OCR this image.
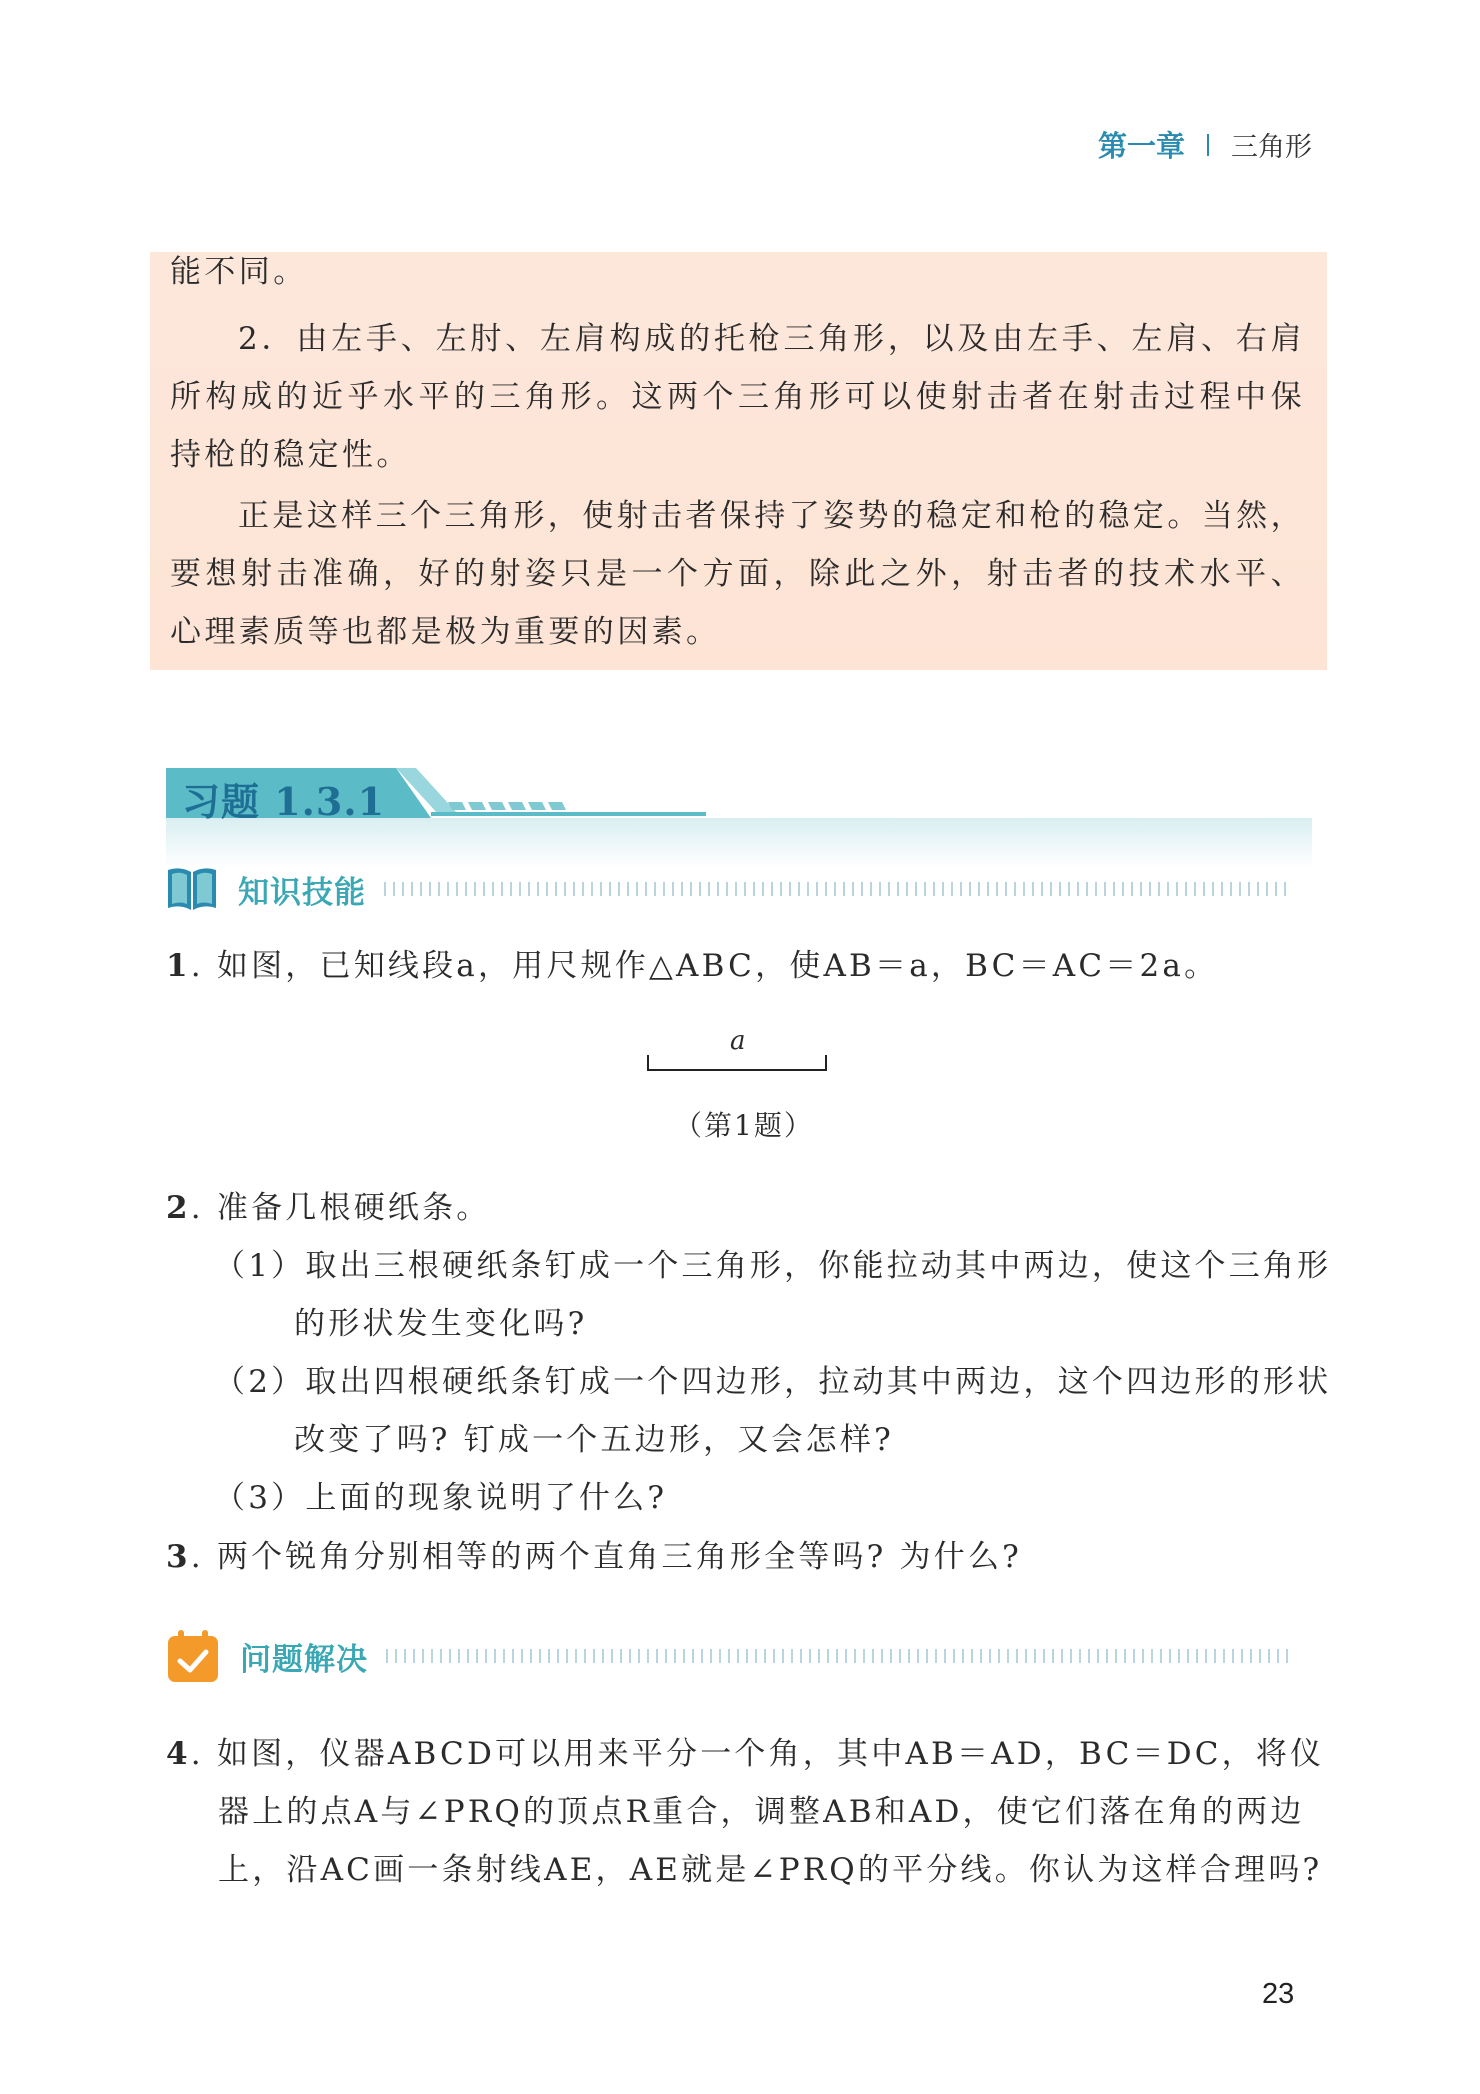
第一章 三角形

能不同。

2．由左手、左肘、左肩构成的托枪三角形，以及由左手、左肩、右肩所构成的近乎水平的三角形。这两个三角形可以使射击者在射击过程中保持枪的稳定性。

正是这样三个三角形，使射击者保持了姿势的稳定和枪的稳定。当然，要想射击准确，好的射姿只是一个方面，除此之外，射击者的技术水平、心理素质等也都是极为重要的因素。

习题 1.3.1
知识技能

1. 如图，已知线段a，用尺规作△ABC，使AB＝a，BC＝AC＝2a。

a
（第1题）

2. 准备几根硬纸条。

（1）取出三根硬纸条钉成一个三角形，你能拉动其中两边，使这个三角形

的形状发生变化吗?

（2）取出四根硬纸条钉成一个四边形，拉动其中两边，这个四边形的形状

改变了吗? 钉成一个五边形，又会怎样?

（3）上面的现象说明了什么?

3. 两个锐角分别相等的两个直角三角形全等吗? 为什么?

问题解决

4. 如图，仪器ABCD可以用来平分一个角，其中AB＝AD，BC＝DC，将仪

器上的点A与∠PRQ的顶点R重合，调整AB和AD，使它们落在角的两边

上，沿AC画一条射线AE，AE就是∠PRQ的平分线。你认为这样合理吗?

23
